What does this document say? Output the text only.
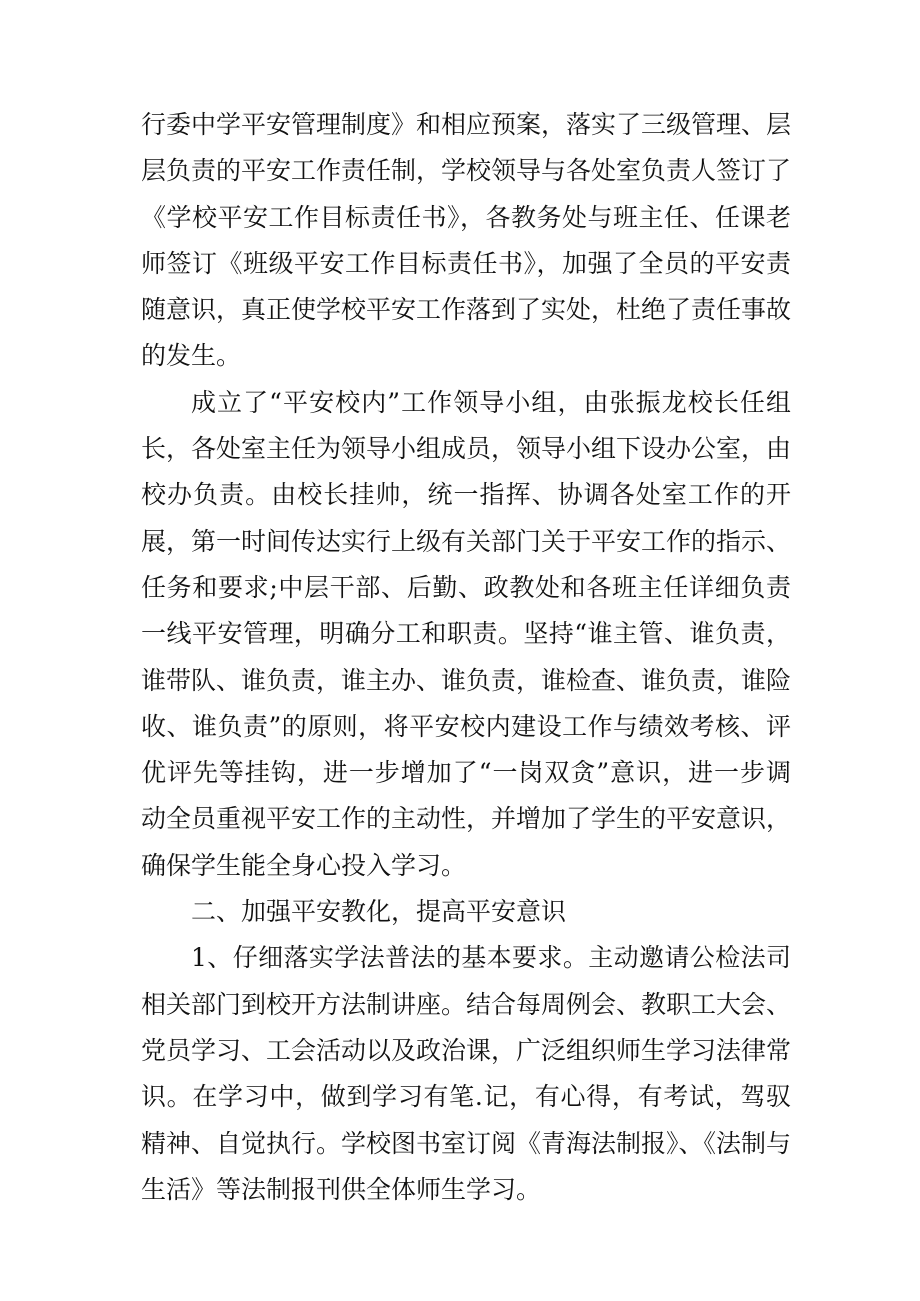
行委中学平安管理制度》和相应预案，落实了三级管理、层层负责的平安工作责任制，学校领导与各处室负责人签订了《学校平安工作目标责任书》，各教务处与班主任、任课老师签订《班级平安工作目标责任书》，加强了全员的平安责随意识，真正使学校平安工作落到了实处，杜绝了责任事故的发生。

成立了“平安校内”工作领导小组，由张振龙校长任组长，各处室主任为领导小组成员，领导小组下设办公室，由校办负责。由校长挂帅，统一指挥、协调各处室工作的开展，第一时间传达实行上级有关部门关于平安工作的指示、任务和要求;中层干部、后勤、政教处和各班主任详细负责一线平安管理，明确分工和职责。坚持“谁主管、谁负责，谁带队、谁负责，谁主办、谁负责，谁检查、谁负责，谁险收、谁负责”的原则，将平安校内建设工作与绩效考核、评优评先等挂钩，进一步增加了“一岗双贪”意识，进一步调动全员重视平安工作的主动性，并增加了学生的平安意识，确保学生能全身心投入学习。

二、加强平安教化，提高平安意识

1、仔细落实学法普法的基本要求。主动邀请公检法司相关部门到校开方法制讲座。结合每周例会、教职工大会、党员学习、工会活动以及政治课，广泛组织师生学习法律常识。在学习中，做到学习有笔.记，有心得，有考试，驾驭精神、自觉执行。学校图书室订阅《青海法制报》、《法制与生活》等法制报刊供全体师生学习。
